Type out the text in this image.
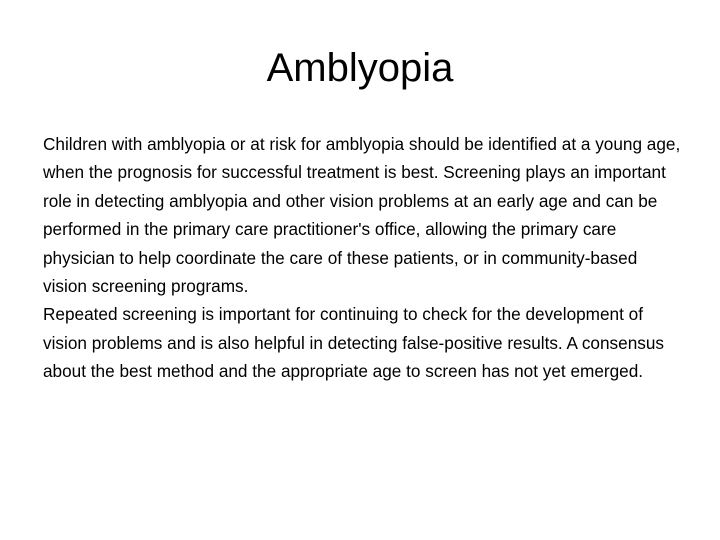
Amblyopia

Children with amblyopia or at risk for amblyopia should be identified at a young age, when the prognosis for successful treatment is best. Screening plays an important role in detecting amblyopia and other vision problems at an early age and can be performed in the primary care practitioner's office, allowing the primary care physician to help coordinate the care of these patients, or in community-based vision screening programs.

Repeated screening is important for continuing to check for the development of vision problems and is also helpful in detecting false-positive results. A consensus about the best method and the appropriate age to screen has not yet emerged.
